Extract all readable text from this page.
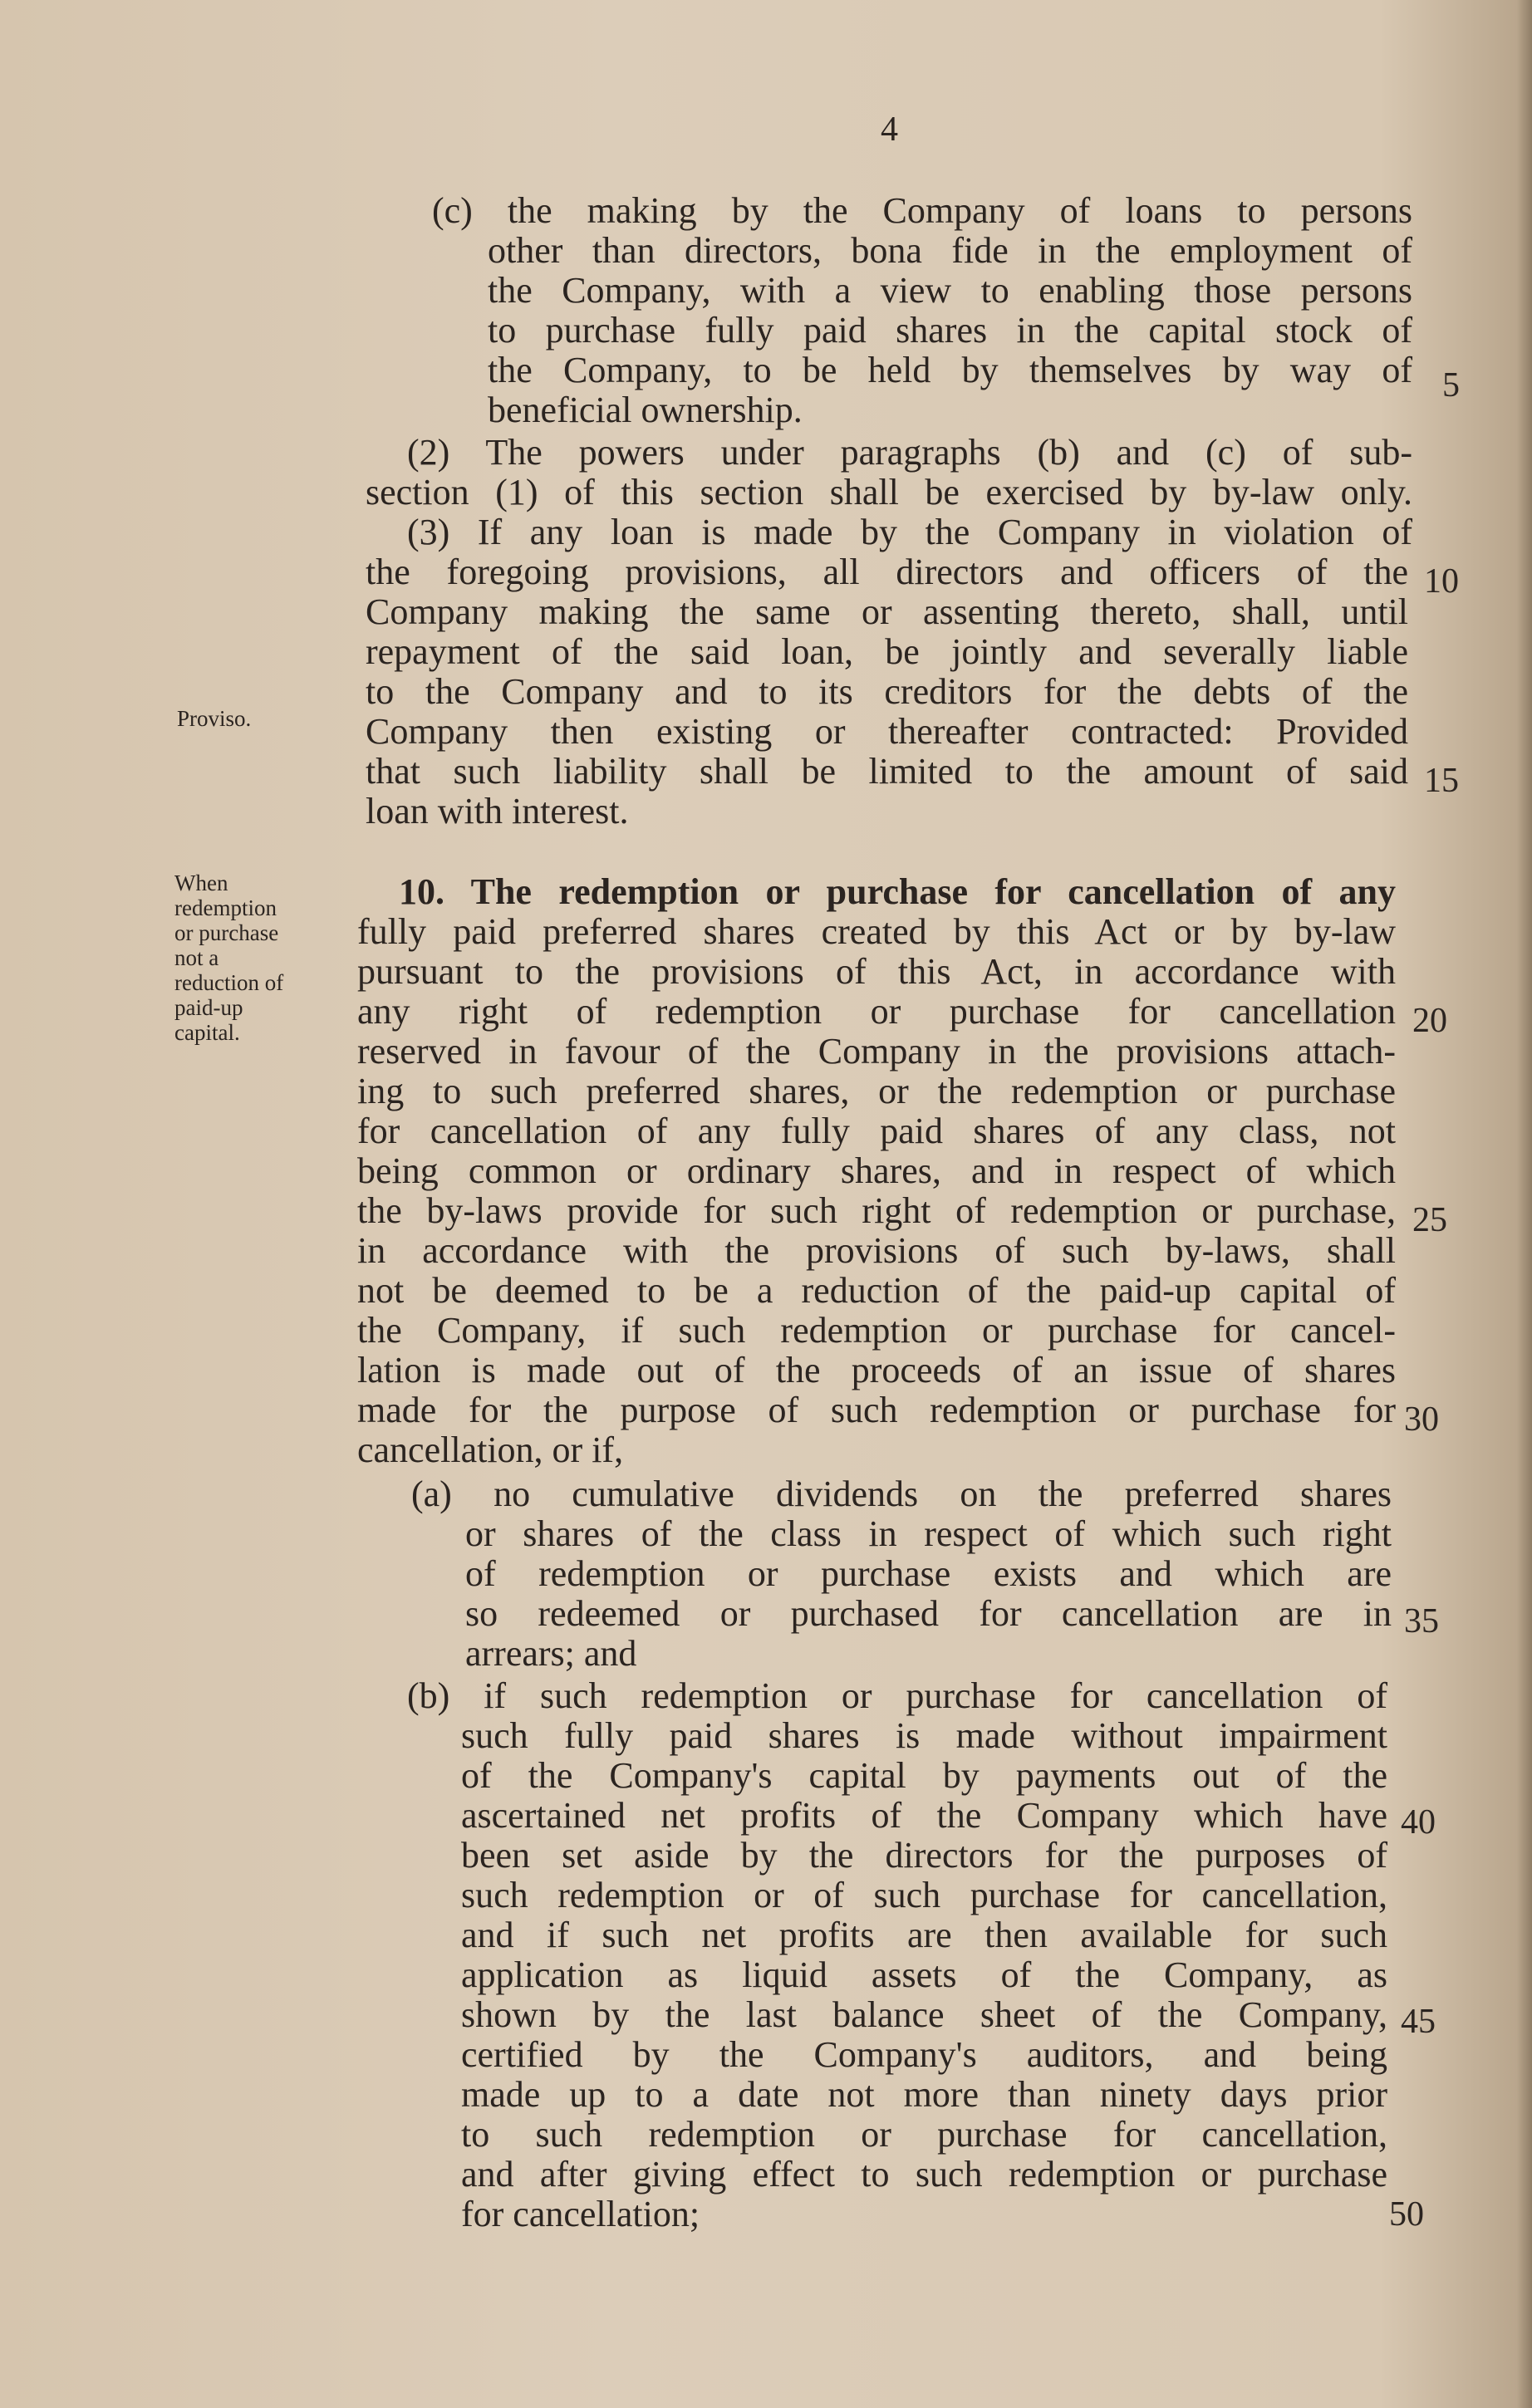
4
Proviso.
When
redemption
or purchase
not a
reduction of
paid-up
capital.
(c) the making by the Company of loans to persons
other than directors, bona fide in the employment of
the Company, with a view to enabling those persons
to purchase fully paid shares in the capital stock of
the Company, to be held by themselves by way of
beneficial ownership.
(2) The powers under paragraphs (b) and (c) of sub-
section (1) of this section shall be exercised by by-law only.
(3) If any loan is made by the Company in violation of
the foregoing provisions, all directors and officers of the
Company making the same or assenting thereto, shall, until
repayment of the said loan, be jointly and severally liable
to the Company and to its creditors for the debts of the
Company then existing or thereafter contracted: Provided
that such liability shall be limited to the amount of said
loan with interest.
10. The redemption or purchase for cancellation of any
fully paid preferred shares created by this Act or by by-law
pursuant to the provisions of this Act, in accordance with
any right of redemption or purchase for cancellation
reserved in favour of the Company in the provisions attach-
ing to such preferred shares, or the redemption or purchase
for cancellation of any fully paid shares of any class, not
being common or ordinary shares, and in respect of which
the by-laws provide for such right of redemption or purchase,
in accordance with the provisions of such by-laws, shall
not be deemed to be a reduction of the paid-up capital of
the Company, if such redemption or purchase for cancel-
lation is made out of the proceeds of an issue of shares
made for the purpose of such redemption or purchase for
cancellation, or if,
(a) no cumulative dividends on the preferred shares
or shares of the class in respect of which such right
of redemption or purchase exists and which are
so redeemed or purchased for cancellation are in
arrears; and
(b) if such redemption or purchase for cancellation of
such fully paid shares is made without impairment
of the Company's capital by payments out of the
ascertained net profits of the Company which have
been set aside by the directors for the purposes of
such redemption or of such purchase for cancellation,
and if such net profits are then available for such
application as liquid assets of the Company, as
shown by the last balance sheet of the Company,
certified by the Company's auditors, and being
made up to a date not more than ninety days prior
to such redemption or purchase for cancellation,
and after giving effect to such redemption or purchase
for cancellation;
5
10
15
20
25
30
35
40
45
50
